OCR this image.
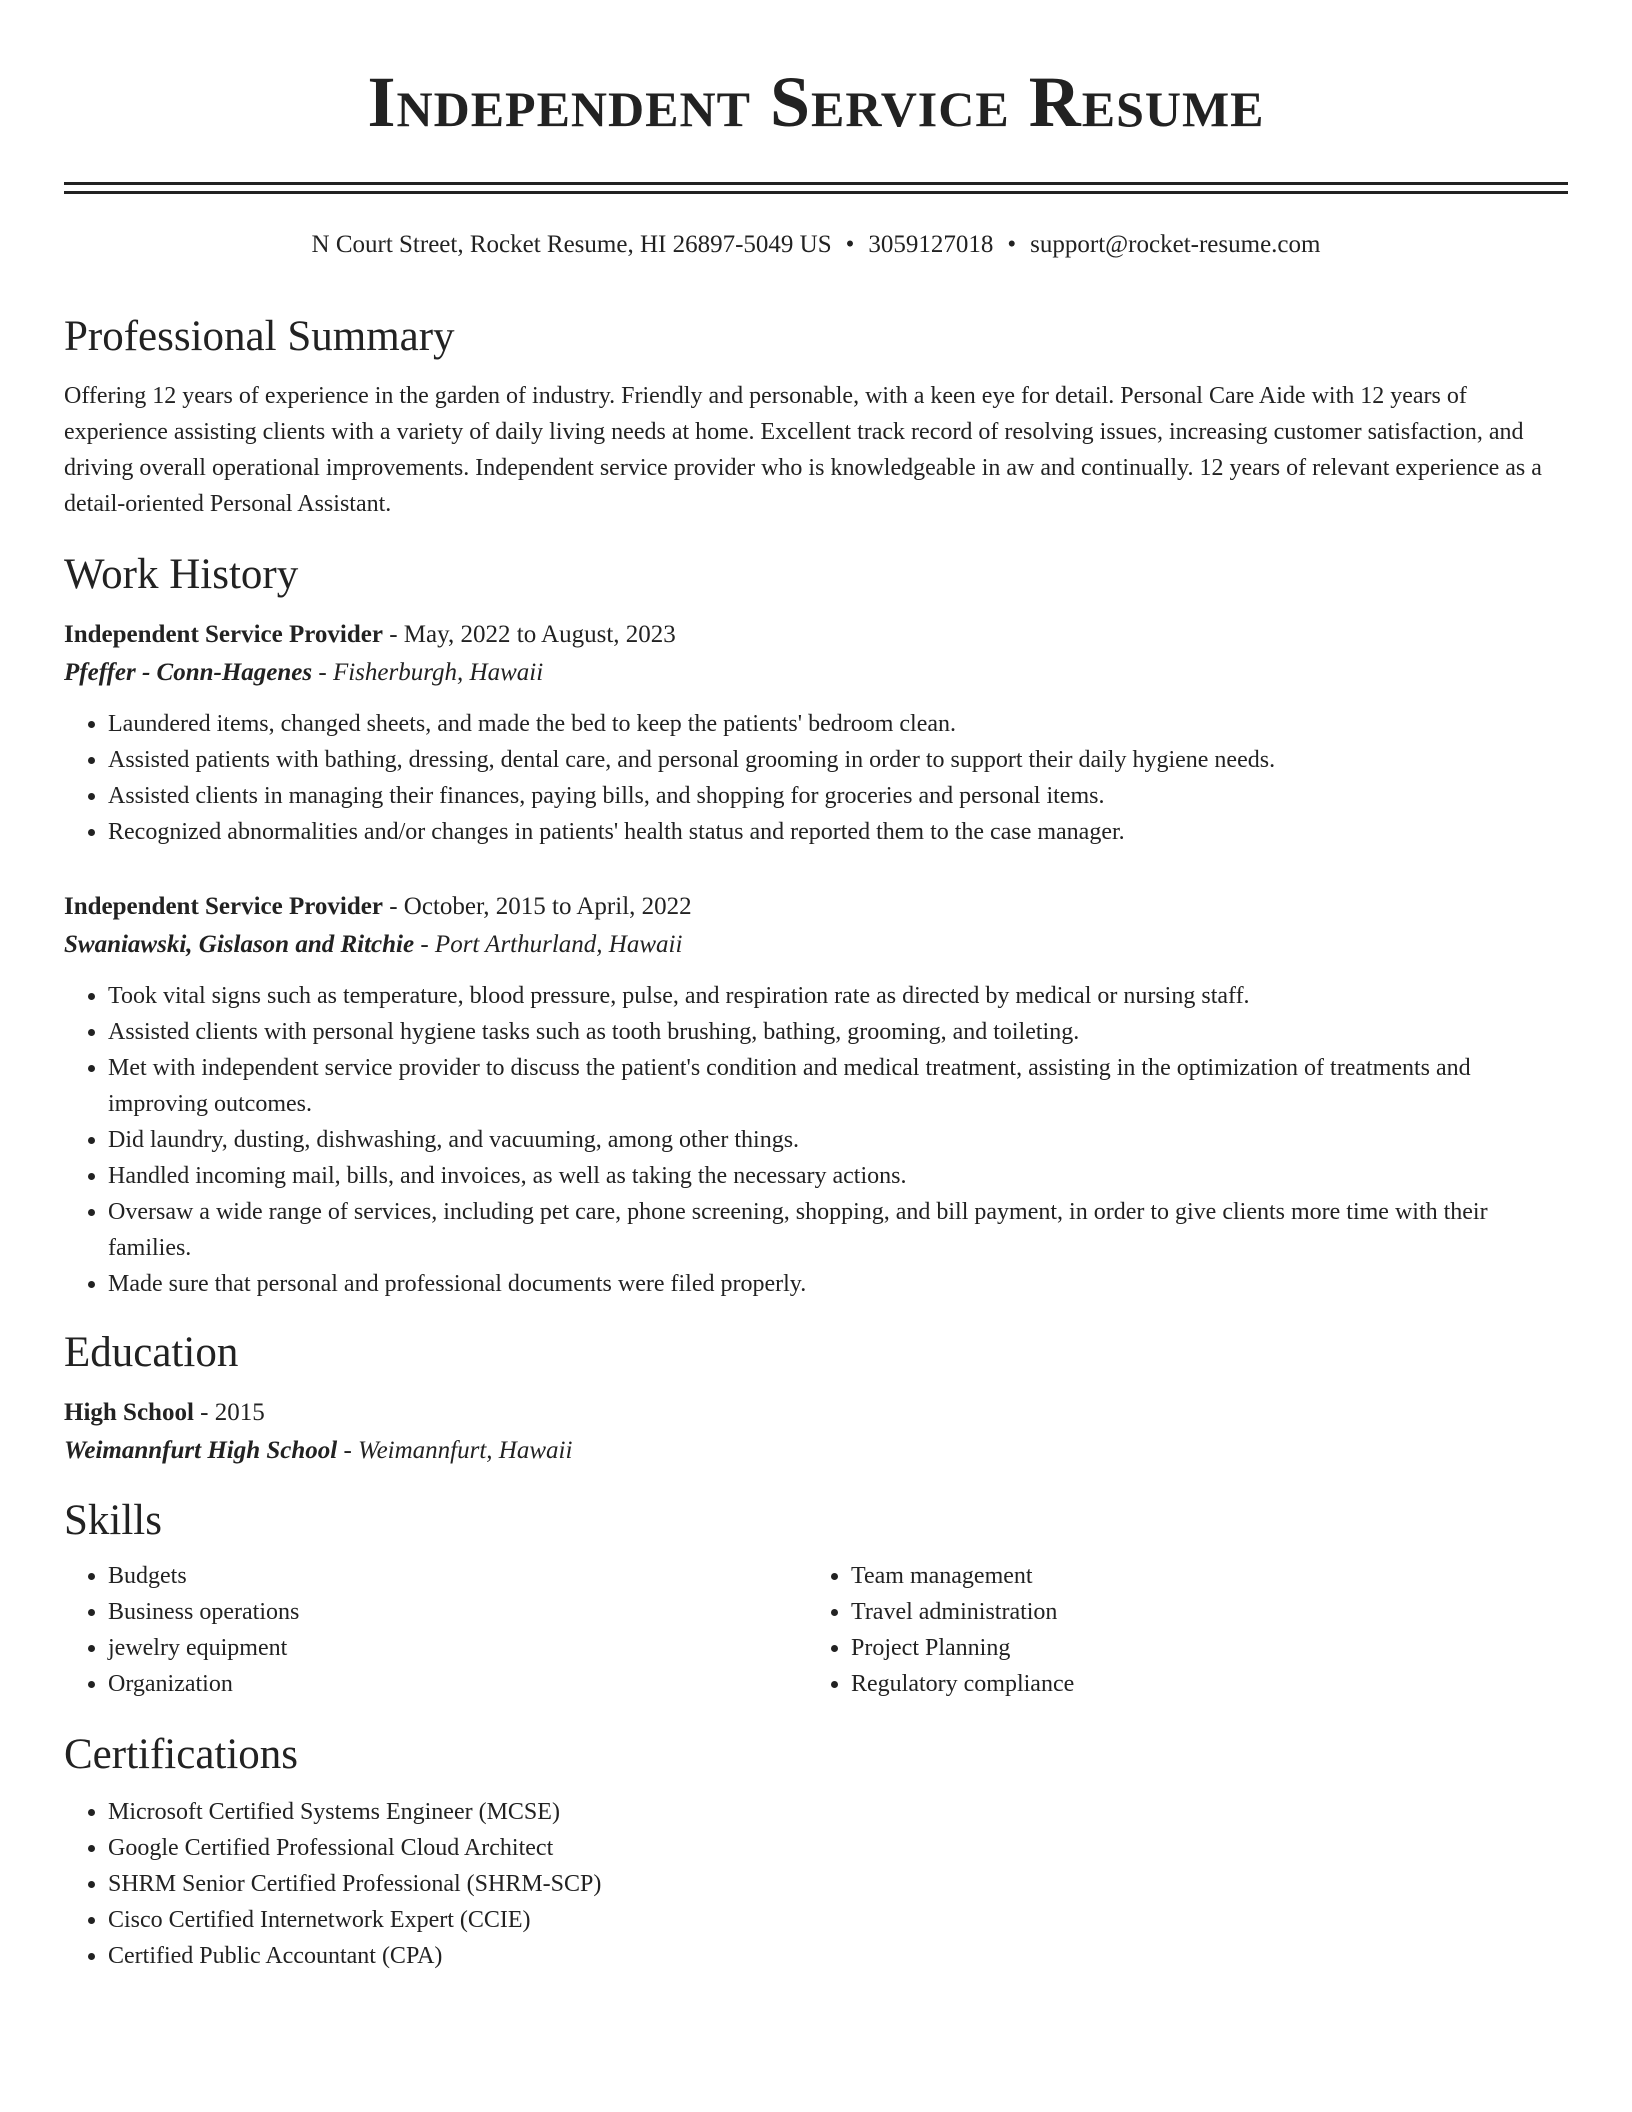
Independent Service Resume
N Court Street, Rocket Resume, HI 26897-5049 US • 3059127018 • support@rocket-resume.com
Professional Summary

Offering 12 years of experience in the garden of industry. Friendly and personable, with a keen eye for detail. Personal Care Aide with 12 years of experience assisting clients with a variety of daily living needs at home. Excellent track record of resolving issues, increasing customer satisfaction, and driving overall operational improvements. Independent service provider who is knowledgeable in aw and continually. 12 years of relevant experience as a detail-oriented Personal Assistant.

Work History
Independent Service Provider - May, 2022 to August, 2023
Pfeffer - Conn-Hagenes - Fisherburgh, Hawaii
• Laundered items, changed sheets, and made the bed to keep the patients' bedroom clean.
• Assisted patients with bathing, dressing, dental care, and personal grooming in order to support their daily hygiene needs.
• Assisted clients in managing their finances, paying bills, and shopping for groceries and personal items.
• Recognized abnormalities and/or changes in patients' health status and reported them to the case manager.
Independent Service Provider - October, 2015 to April, 2022
Swaniawski, Gislason and Ritchie - Port Arthurland, Hawaii
• Took vital signs such as temperature, blood pressure, pulse, and respiration rate as directed by medical or nursing staff.
• Assisted clients with personal hygiene tasks such as tooth brushing, bathing, grooming, and toileting.
• Met with independent service provider to discuss the patient's condition and medical treatment, assisting in the optimization of treatments and improving outcomes.
• Did laundry, dusting, dishwashing, and vacuuming, among other things.
• Handled incoming mail, bills, and invoices, as well as taking the necessary actions.
• Oversaw a wide range of services, including pet care, phone screening, shopping, and bill payment, in order to give clients more time with their families.
• Made sure that personal and professional documents were filed properly.
Education
High School - 2015
Weimannfurt High School - Weimannfurt, Hawaii
Skills
• Budgets
• Business operations
• jewelry equipment
• Organization
• Team management
• Travel administration
• Project Planning
• Regulatory compliance
Certifications
• Microsoft Certified Systems Engineer (MCSE)
• Google Certified Professional Cloud Architect
• SHRM Senior Certified Professional (SHRM-SCP)
• Cisco Certified Internetwork Expert (CCIE)
• Certified Public Accountant (CPA)
